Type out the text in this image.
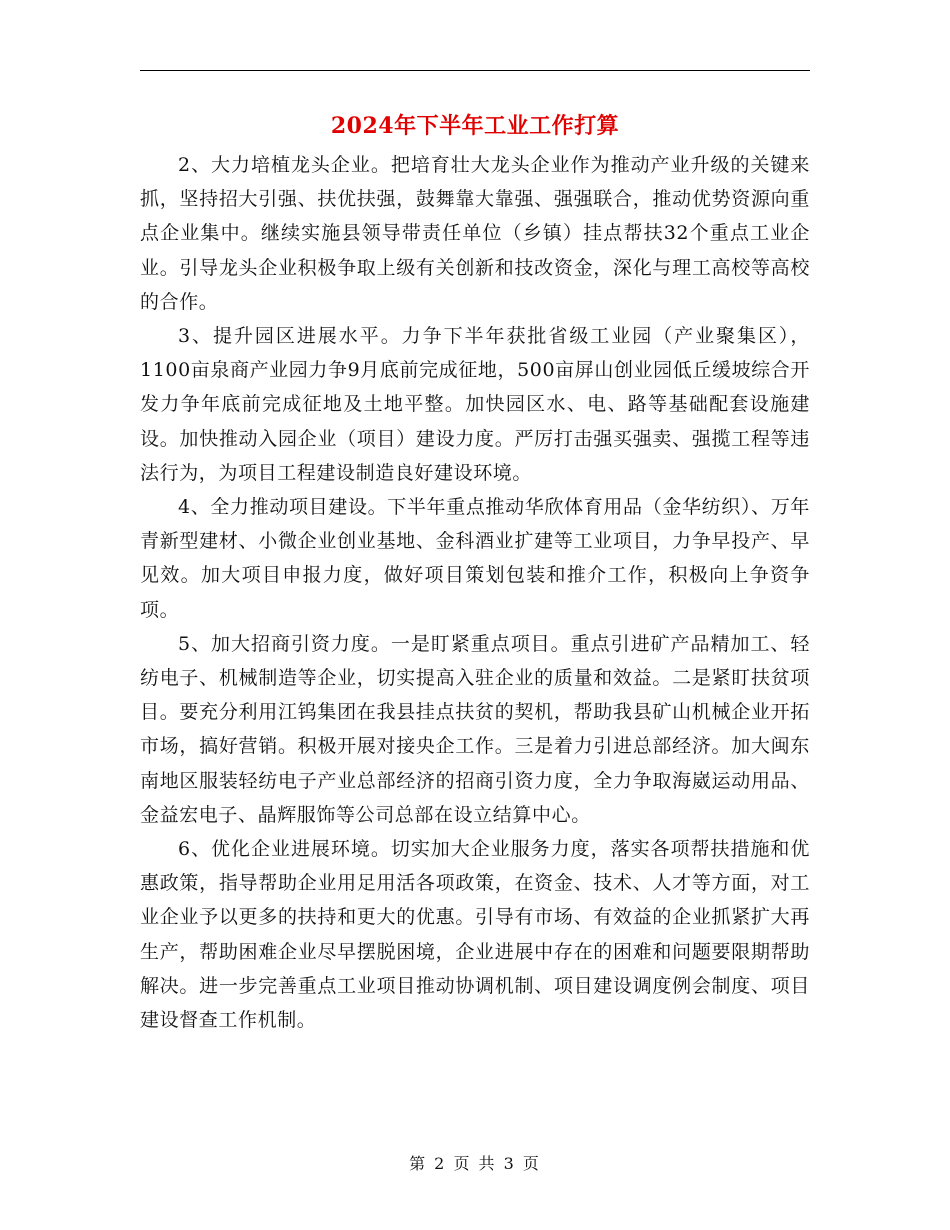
2024年下半年工业工作打算

2、大力培植龙头企业。把培育壮大龙头企业作为推动产业升级的关键来抓，坚持招大引强、扶优扶强，鼓舞靠大靠强、强强联合，推动优势资源向重点企业集中。继续实施县领导带责任单位（乡镇）挂点帮扶32个重点工业企业。引导龙头企业积极争取上级有关创新和技改资金，深化与理工高校等高校的合作。

3、提升园区进展水平。力争下半年获批省级工业园（产业聚集区），1100亩泉商产业园力争9月底前完成征地，500亩屏山创业园低丘缓坡综合开发力争年底前完成征地及土地平整。加快园区水、电、路等基础配套设施建设。加快推动入园企业（项目）建设力度。严厉打击强买强卖、强揽工程等违法行为，为项目工程建设制造良好建设环境。

4、全力推动项目建设。下半年重点推动华欣体育用品（金华纺织）、万年青新型建材、小微企业创业基地、金科酒业扩建等工业项目，力争早投产、早见效。加大项目申报力度，做好项目策划包装和推介工作，积极向上争资争项。

5、加大招商引资力度。一是盯紧重点项目。重点引进矿产品精加工、轻纺电子、机械制造等企业，切实提高入驻企业的质量和效益。二是紧盯扶贫项目。要充分利用江钨集团在我县挂点扶贫的契机，帮助我县矿山机械企业开拓市场，搞好营销。积极开展对接央企工作。三是着力引进总部经济。加大闽东南地区服装轻纺电子产业总部经济的招商引资力度，全力争取海崴运动用品、金益宏电子、晶辉服饰等公司总部在设立结算中心。

6、优化企业进展环境。切实加大企业服务力度，落实各项帮扶措施和优惠政策，指导帮助企业用足用活各项政策，在资金、技术、人才等方面，对工业企业予以更多的扶持和更大的优惠。引导有市场、有效益的企业抓紧扩大再生产，帮助困难企业尽早摆脱困境，企业进展中存在的困难和问题要限期帮助解决。进一步完善重点工业项目推动协调机制、项目建设调度例会制度、项目建设督查工作机制。

第 2 页 共 3 页
